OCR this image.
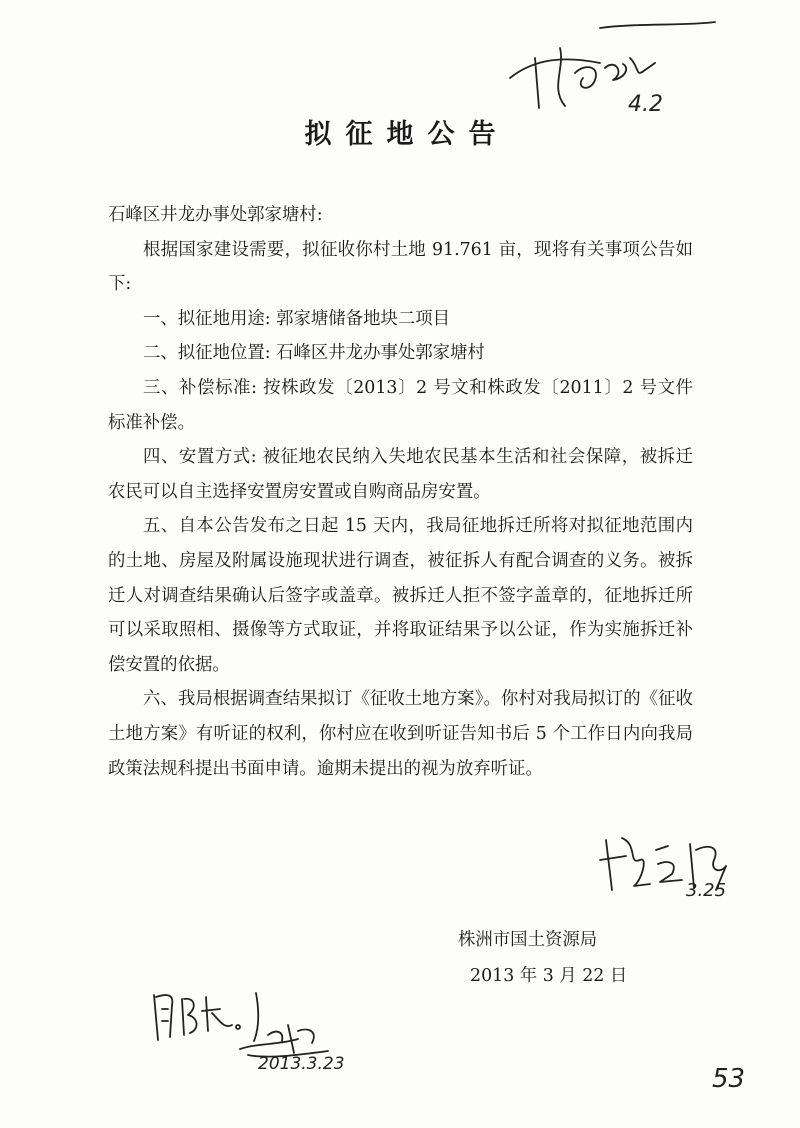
4.2
拟征地公告

石峰区井龙办事处郭家塘村:

根据国家建设需要，拟征收你村土地 91.761 亩，现将有关事项公告如下:

一、拟征地用途: 郭家塘储备地块二项目

二、拟征地位置: 石峰区井龙办事处郭家塘村

三、补偿标准: 按株政发〔2013〕2 号文和株政发〔2011〕2 号文件标准补偿。

四、安置方式: 被征地农民纳入失地农民基本生活和社会保障，被拆迁农民可以自主选择安置房安置或自购商品房安置。

五、自本公告发布之日起 15 天内，我局征地拆迁所将对拟征地范围内的土地、房屋及附属设施现状进行调查，被征拆人有配合调查的义务。被拆迁人对调查结果确认后签字或盖章。被拆迁人拒不签字盖章的，征地拆迁所可以采取照相、摄像等方式取证，并将取证结果予以公证，作为实施拆迁补偿安置的依据。

六、我局根据调查结果拟订《征收土地方案》。你村对我局拟订的《征收土地方案》有听证的权利，你村应在收到听证告知书后 5 个工作日内向我局政策法规科提出书面申请。逾期未提出的视为放弃听证。

3.25
株洲市国土资源局
2013 年 3 月 22 日
2013.3.23	53
